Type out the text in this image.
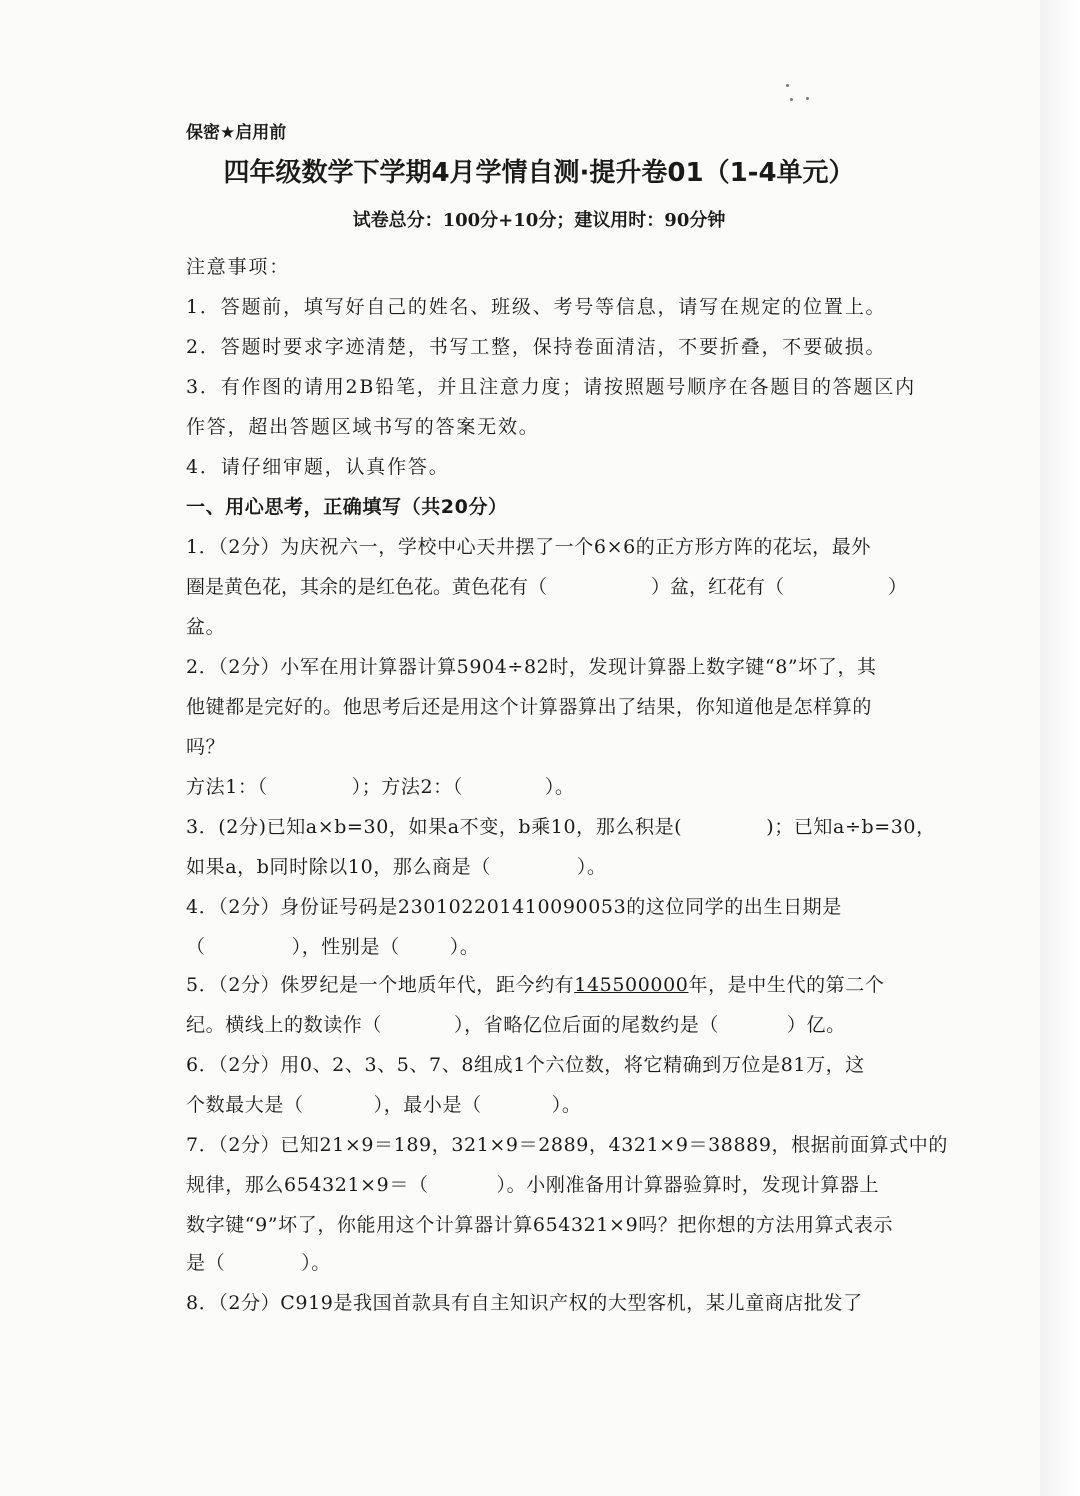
保密★启用前
四年级数学下学期4月学情自测·提升卷01（1-4单元）
试卷总分：100分+10分；建议用时：90分钟
注意事项：
1．答题前，填写好自己的姓名、班级、考号等信息，请写在规定的位置上。
2．答题时要求字迹清楚，书写工整，保持卷面清洁，不要折叠，不要破损。
3．有作图的请用2B铅笔，并且注意力度；请按照题号顺序在各题目的答题区内
作答，超出答题区域书写的答案无效。
4．请仔细审题，认真作答。
一、用心思考，正确填写（共20分）
1．（2分）为庆祝六一，学校中心天井摆了一个6×6的正方形方阵的花坛，最外
圈是黄色花，其余的是红色花。黄色花有（	）盆，红花有（	）
盆。
2．（2分）小军在用计算器计算5904÷82时，发现计算器上数字键“8”坏了，其
他键都是完好的。他思考后还是用这个计算器算出了结果，你知道他是怎样算的
吗？
方法1：（	）；方法2：（	）。
3．(2分)已知a×b=30，如果a不变，b乘10，那么积是(	)；已知a÷b=30，
如果a，b同时除以10，那么商是（	）。
4．（2分）身份证号码是230102201410090053的这位同学的出生日期是
（	），性别是（	）。
5．（2分）侏罗纪是一个地质年代，距今约有145500000年，是中生代的第二个
纪。横线上的数读作（	），省略亿位后面的尾数约是（	）亿。
6．（2分）用0、2、3、5、7、8组成1个六位数，将它精确到万位是81万，这
个数最大是（	），最小是（	）。
7．（2分）已知21×9＝189，321×9＝2889，4321×9＝38889，根据前面算式中的
规律，那么654321×9＝（	）。小刚准备用计算器验算时，发现计算器上
数字键“9”坏了，你能用这个计算器计算654321×9吗？把你想的方法用算式表示
是（	）。
8．（2分）C919是我国首款具有自主知识产权的大型客机，某儿童商店批发了
